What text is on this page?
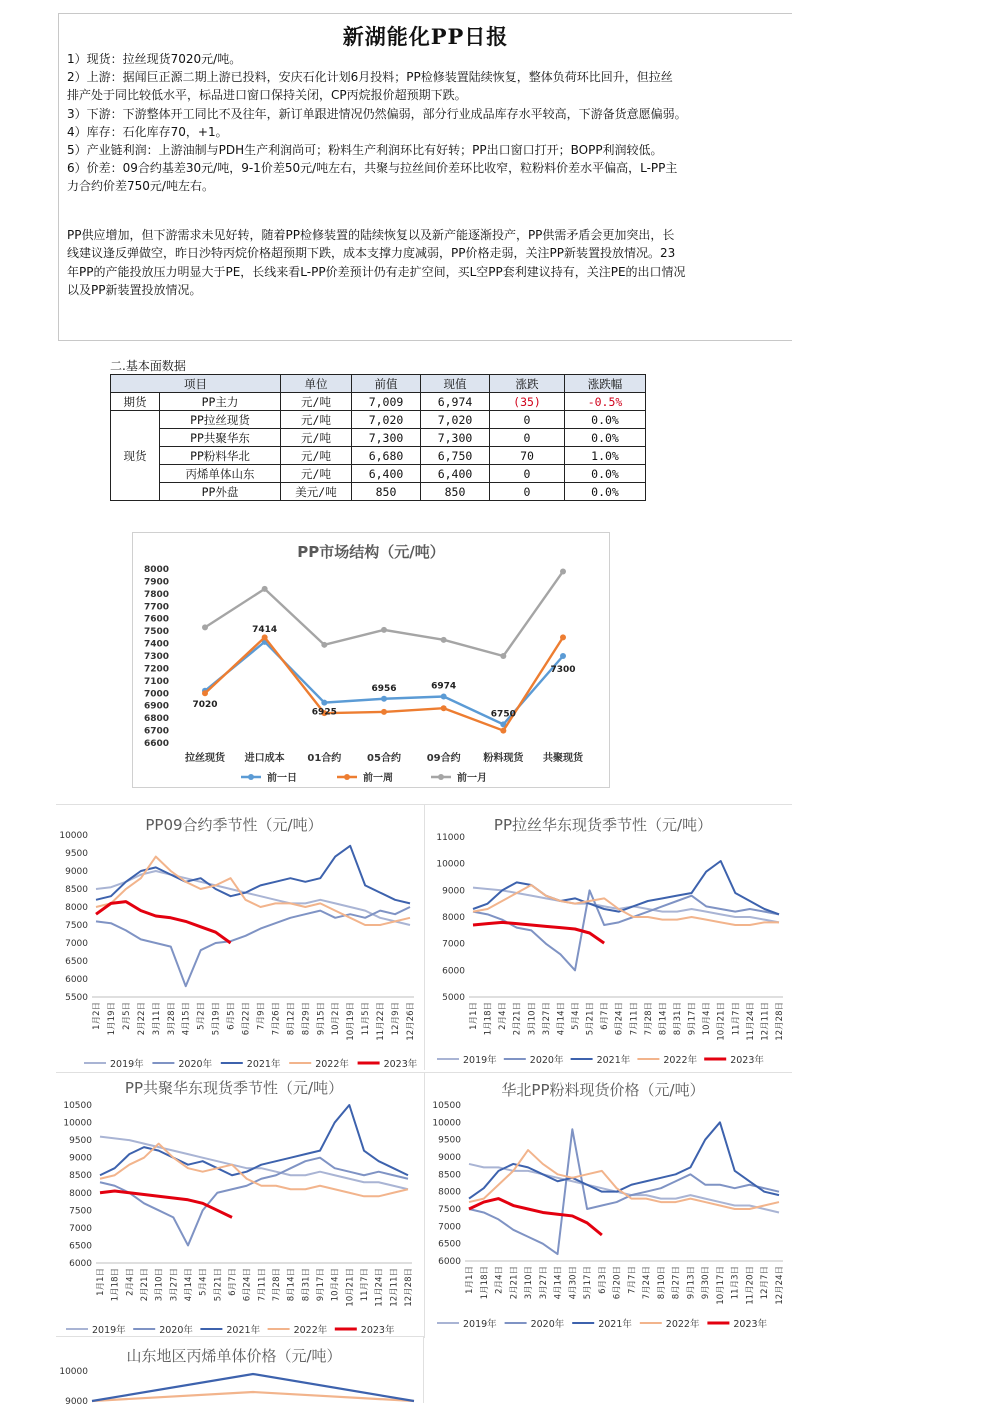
新湖能化PP日报
1）现货：拉丝现货7020元/吨。
2）上游：据闻巨正源二期上游已投料，安庆石化计划6月投料；PP检修装置陆续恢复，整体负荷环比回升，但拉丝
排产处于同比较低水平，标品进口窗口保持关闭，CP丙烷报价超预期下跌。
3）下游：下游整体开工同比不及往年，新订单跟进情况仍然偏弱，部分行业成品库存水平较高，下游备货意愿偏弱。
4）库存：石化库存70，+1。
5）产业链利润：上游油制与PDH生产利润尚可；粉料生产利润环比有好转；PP出口窗口打开；BOPP利润较低。
6）价差：09合约基差30元/吨，9-1价差50元/吨左右，共聚与拉丝间价差环比收窄，粒粉料价差水平偏高，L-PP主
力合约价差750元/吨左右。
PP供应增加，但下游需求未见好转，随着PP检修装置的陆续恢复以及新产能逐渐投产，PP供需矛盾会更加突出，长
线建议逢反弹做空，昨日沙特丙烷价格超预期下跌，成本支撑力度减弱，PP价格走弱，关注PP新装置投放情况。23
年PP的产能投放压力明显大于PE，长线来看L-PP价差预计仍有走扩空间，买L空PP套利建议持有，关注PE的出口情况
以及PP新装置投放情况。
二.基本面数据
项目		单位	前值	现值	涨跌	涨跌幅
期货	PP主力	元/吨	7,009	6,974	(35)	-0.5%
现货	PP拉丝现货	元/吨	7,020	7,020	0	0.0%
	PP共聚华东	元/吨	7,300	7,300	0	0.0%
	PP粉料华北	元/吨	6,680	6,750	70	1.0%
	丙烯单体山东	元/吨	6,400	6,400	0	0.0%
	PP外盘	美元/吨	850	850	0	0.0%
PP市场结构（元/吨）
6600
6700
6800
6900
7000
7100
7200
7300
7400
7500
7600
7700
7800
7900
8000
拉丝现货 进口成本 01合约	05合约	09合约 粉料现货 共聚现货
7020
7414
6925
6956	6974
6750
7300
前一日	前一周	前一月
PP09合约季节性（元/吨）
5500
6000
6500
7000
7500
8000
8500
9000
9500
10000
1月2日 1月19日 2月5日 2月22日 3月11日 3月28日 4月15日 5月2日 5月19日 6月5日 6月22日 7月9日 7月26日 8月12日 8月29日 9月15日 10月2日 10月19日 11月5日 11月22日 12月9日 12月26日
2019年	2020年	2021年	2022年	2023年
PP拉丝华东现货季节性（元/吨）
5000
6000
7000
8000
9000
10000
11000
1月1日 1月18日 2月4日 2月21日 3月10日 3月27日 4月14日 5月4日 5月21日 6月7日 6月24日 7月11日 7月28日 8月14日 8月31日 9月17日 10月4日 10月21日 11月7日 11月24日 12月11日 12月28日
2019年	2020年	2021年	2022年	2023年
PP共聚华东现货季节性（元/吨）
6000
6500
7000
7500
8000
8500
9000
9500
10000
10500
1月1日 1月18日 2月4日 2月21日 3月10日 3月27日 4月14日 5月4日 5月21日 6月7日 6月24日 7月11日 7月28日 8月14日 8月31日 9月17日 10月4日 10月21日 11月7日 11月24日 12月11日 12月28日
2019年	2020年	2021年	2022年	2023年
华北PP粉料现货价格（元/吨）
6000
6500
7000
7500
8000
8500
9000
9500
10000
10500
1月1日 1月18日 2月4日 2月21日 3月10日 3月27日 4月14日 4月30日 5月17日 6月3日 6月20日 7月7日 7月24日 8月10日 8月27日 9月13日 9月30日 10月17日 11月3日 11月20日 12月7日 12月24日
2019年	2020年	2021年	2022年	2023年
山东地区丙烯单体价格（元/吨）
9000
10000
